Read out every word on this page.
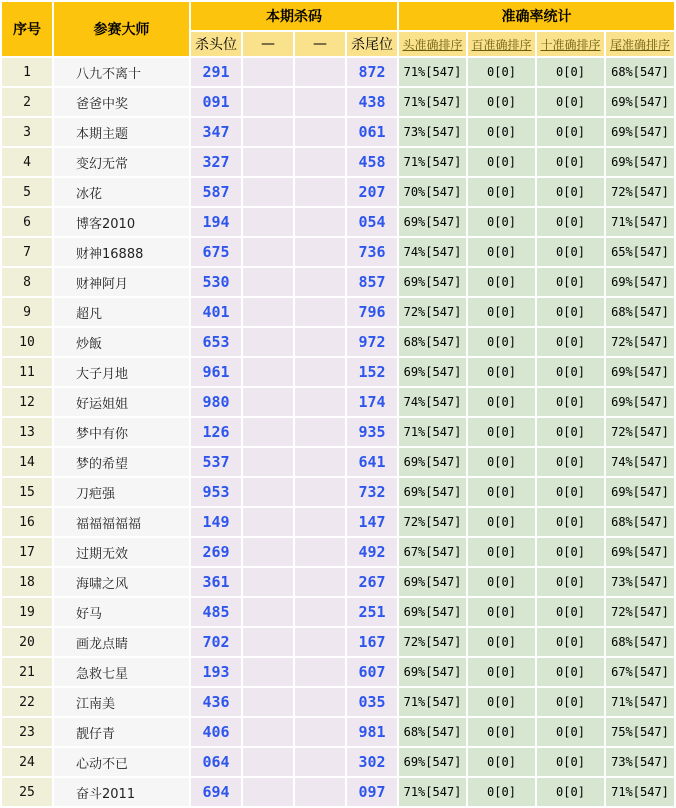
序号	参赛大师	本期杀码				准确率统计			
		杀头位	—	—	杀尾位	头准确排序	百准确排序	十准确排序	尾准确排序
1	八九不离十	291			872	71%[547]	0[0]	0[0]	68%[547]
2	爸爸中奖	091			438	71%[547]	0[0]	0[0]	69%[547]
3	本期主题	347			061	73%[547]	0[0]	0[0]	69%[547]
4	变幻无常	327			458	71%[547]	0[0]	0[0]	69%[547]
5	冰花	587			207	70%[547]	0[0]	0[0]	72%[547]
6	博客2010	194			054	69%[547]	0[0]	0[0]	71%[547]
7	财神16888	675			736	74%[547]	0[0]	0[0]	65%[547]
8	财神阿月	530			857	69%[547]	0[0]	0[0]	69%[547]
9	超凡	401			796	72%[547]	0[0]	0[0]	68%[547]
10	炒飯	653			972	68%[547]	0[0]	0[0]	72%[547]
11	大子月地	961			152	69%[547]	0[0]	0[0]	69%[547]
12	好运姐姐	980			174	74%[547]	0[0]	0[0]	69%[547]
13	梦中有你	126			935	71%[547]	0[0]	0[0]	72%[547]
14	梦的希望	537			641	69%[547]	0[0]	0[0]	74%[547]
15	刀疤强	953			732	69%[547]	0[0]	0[0]	69%[547]
16	福福福福福	149			147	72%[547]	0[0]	0[0]	68%[547]
17	过期无效	269			492	67%[547]	0[0]	0[0]	69%[547]
18	海啸之风	361			267	69%[547]	0[0]	0[0]	73%[547]
19	好马	485			251	69%[547]	0[0]	0[0]	72%[547]
20	画龙点睛	702			167	72%[547]	0[0]	0[0]	68%[547]
21	急救七星	193			607	69%[547]	0[0]	0[0]	67%[547]
22	江南美	436			035	71%[547]	0[0]	0[0]	71%[547]
23	靓仔青	406			981	68%[547]	0[0]	0[0]	75%[547]
24	心动不已	064			302	69%[547]	0[0]	0[0]	73%[547]
25	奋斗2011	694			097	71%[547]	0[0]	0[0]	71%[547]
